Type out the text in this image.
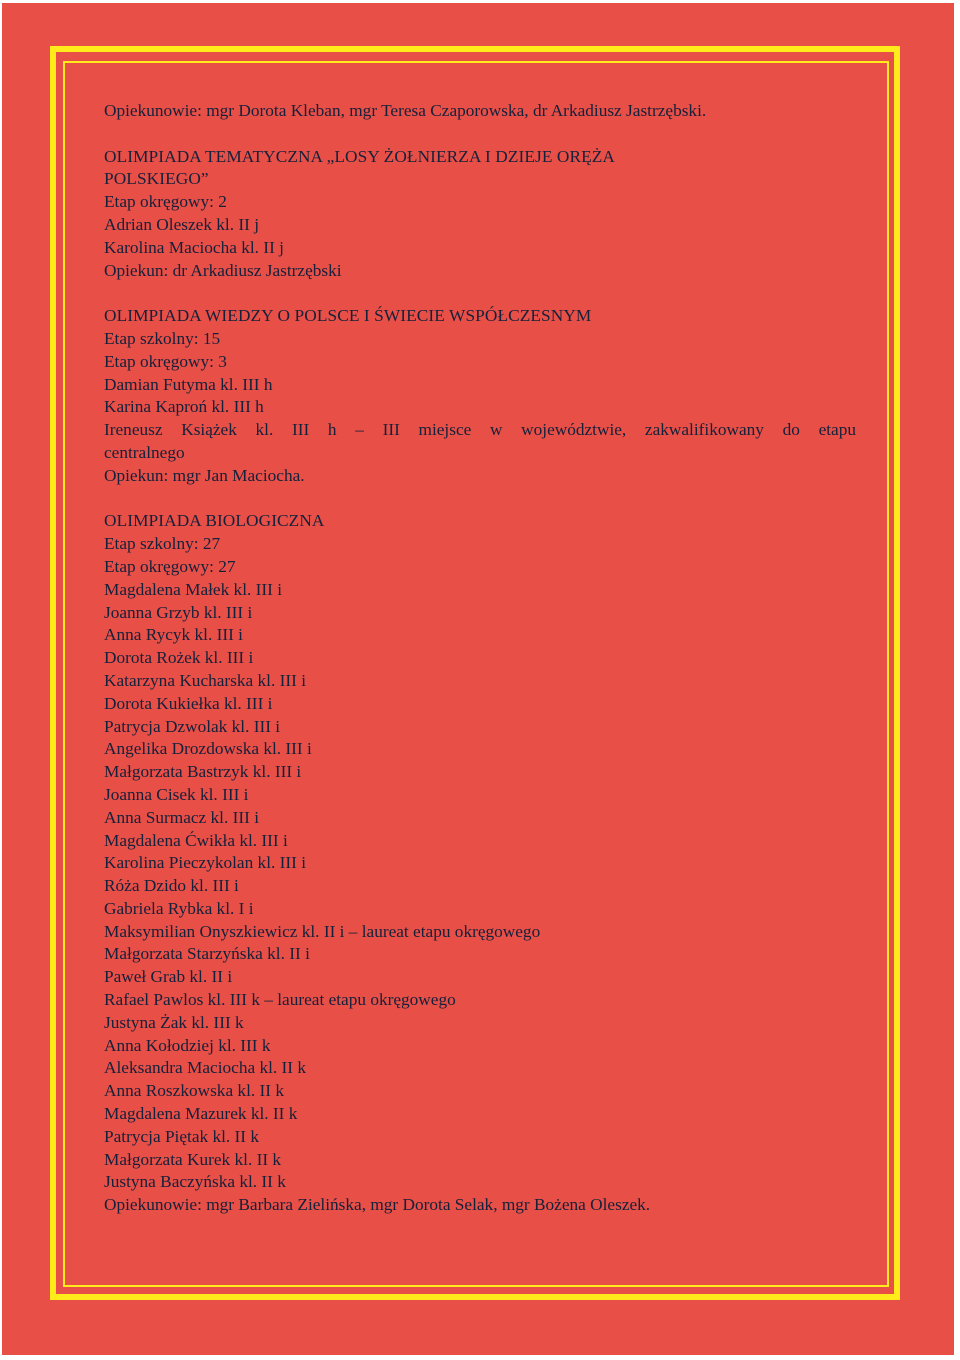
Opiekunowie: mgr Dorota Kleban, mgr Teresa Czaporowska, dr Arkadiusz Jastrzębski.
OLIMPIADA TEMATYCZNA „LOSY ŻOŁNIERZA I DZIEJE ORĘŻA
POLSKIEGO”
Etap okręgowy: 2
Adrian Oleszek kl. II j
Karolina Maciocha kl. II j
Opiekun: dr Arkadiusz Jastrzębski
OLIMPIADA WIEDZY O POLSCE I ŚWIECIE WSPÓŁCZESNYM
Etap szkolny: 15
Etap okręgowy: 3
Damian Futyma kl. III h
Karina Kaproń kl. III h
Ireneusz Książek kl. III h – III miejsce w województwie, zakwalifikowany do etapu
centralnego
Opiekun: mgr Jan Maciocha.
OLIMPIADA BIOLOGICZNA
Etap szkolny: 27
Etap okręgowy: 27
Magdalena Małek kl. III i
Joanna Grzyb kl. III i
Anna Rycyk kl. III i
Dorota Rożek kl. III i
Katarzyna Kucharska kl. III i
Dorota Kukiełka kl. III i
Patrycja Dzwolak kl. III i
Angelika Drozdowska kl. III i
Małgorzata Bastrzyk kl. III i
Joanna Cisek kl. III i
Anna Surmacz kl. III i
Magdalena Ćwikła kl. III i
Karolina Pieczykolan kl. III i
Róża Dzido kl. III i
Gabriela Rybka kl. I i
Maksymilian Onyszkiewicz kl. II i – laureat etapu okręgowego
Małgorzata Starzyńska kl. II i
Paweł Grab kl. II i
Rafael Pawlos kl. III k – laureat etapu okręgowego
Justyna Żak kl. III k
Anna Kołodziej kl. III k
Aleksandra Maciocha kl. II k
Anna Roszkowska kl. II k
Magdalena Mazurek kl. II k
Patrycja Piętak kl. II k
Małgorzata Kurek kl. II k
Justyna Baczyńska kl. II k
Opiekunowie: mgr Barbara Zielińska, mgr Dorota Selak, mgr Bożena Oleszek.
